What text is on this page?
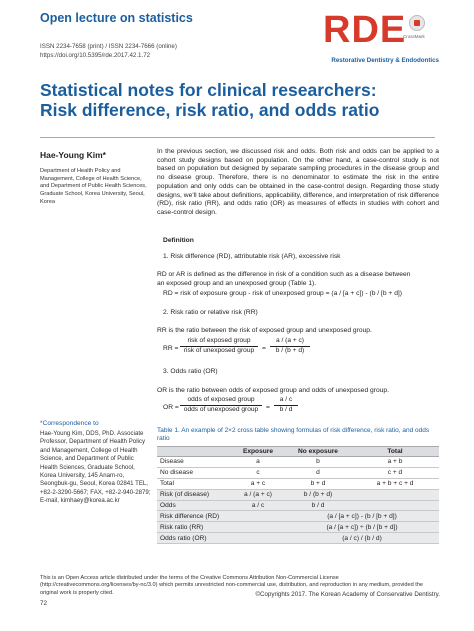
Open lecture on statistics
ISSN 2234-7658 (print) / ISSN 2234-7666 (online)
https://doi.org/10.5395/rde.2017.42.1.72
RDE
CrossMark
Restorative Dentistry & Endodontics
Statistical notes for clinical researchers:
Risk difference, risk ratio, and odds ratio
Hae-Young Kim*
Department of Health Policy and Management, College of Health Science, and Department of Public Health Sciences, Graduate School, Korea University, Seoul, Korea
In the previous section, we discussed risk and odds. Both risk and odds can be applied to a cohort study designs based on population. On the other hand, a case-control study is not based on population but designed by separate sampling procedures in the disease group and no disease group. Therefore, there is no denominator to estimate the risk in the entire population and only odds can be obtained in the case-control design. Regarding those study designs, we'll take about definitions, applicability, difference, and interpretation of risk difference (RD), risk ratio (RR), and odds ratio (OR) as measures of effects in studies with cohort and case-control design.
Definition
1. Risk difference (RD), attributable risk (AR), excessive risk
RD or AR is defined as the difference in risk of a condition such as a disease between
an exposed group and an unexposed group (Table 1).
RD = risk of exposure group - risk of unexposed group = (a / [a + c]) - (b / [b + d])
2. Risk ratio or relative risk (RR)
RR is the ratio between the risk of exposed group and unexposed group.
RR =
risk of exposed group
risk of unexposed group	= $\frac{a / (a + c)}{b / (b + d)}$
3. Odds ratio (OR)
OR is the ratio between odds of exposed group and odds of unexposed group.
OR =
odds of exposed group
odds of unexposed group	= $\frac{a / c}{b / d}$
*Correspondence to
Hae-Young Kim, DDS, PhD. Associate Professor, Department of Health Policy and Management, College of Health Science, and Department of Public Health Sciences, Graduate School, Korea University, 145 Anam-ro, Seongbuk-gu, Seoul, Korea 02841 TEL, +82-2-3290-5667; FAX, +82-2-940-2879; E-mail, kimhaey@korea.ac.kr
Table 1. An example of 2×2 cross table showing formulas of risk difference, risk ratio, and odds ratio
	Exposure	No exposure	Total
Disease	a	b	a + b
No disease	c	d	c + d
Total	a + c	b + d	a + b + c + d
Risk (of disease)	a / (a + c)	b / (b + d)	
Odds	a / c	b / d	
Risk difference (RD)		(a / [a + c]) - (b / [b + d])	
Risk ratio (RR)		(a / [a + c]) ÷ (b / [b + d])	
Odds ratio (OR)		(a / c) / (b / d)	
This is an Open Access article distributed under the terms of the Creative Commons Attribution Non-Commercial License (http://creativecommons.org/licenses/by-nc/3.0) which permits unrestricted non-commercial use, distribution, and reproduction in any medium, provided the original work is properly cited.	©Copyrights 2017. The Korean Academy of Conservative Dentistry.
72
